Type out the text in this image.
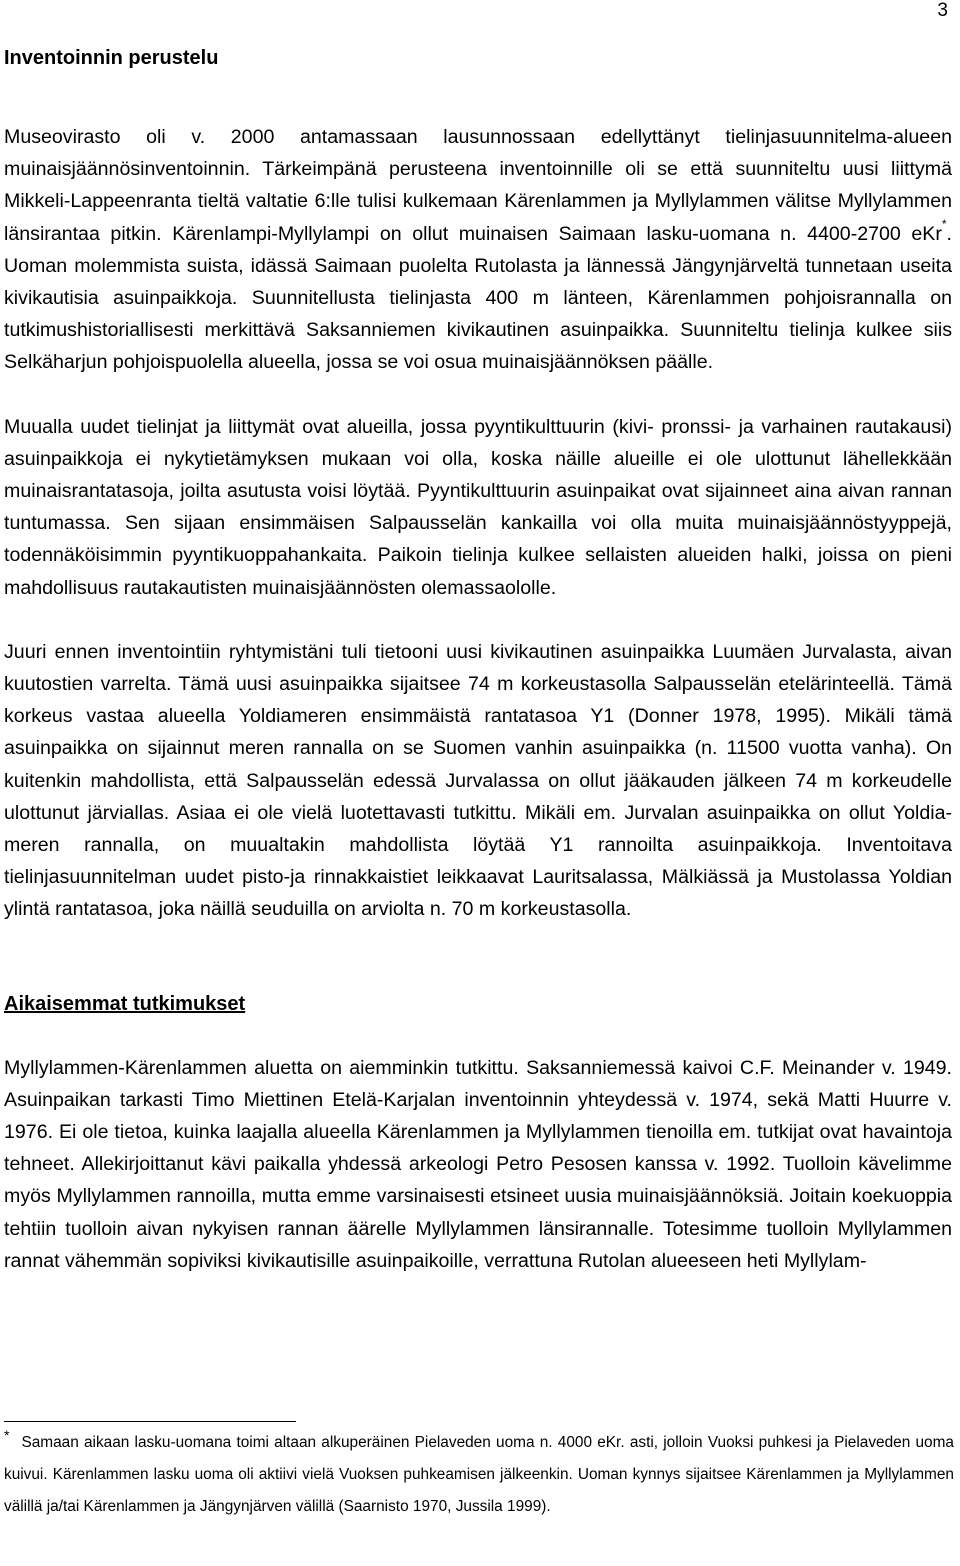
3
Inventoinnin perustelu

Museovirasto oli v. 2000 antamassaan lausunnossaan edellyttänyt tielinjasuunnitelma-alueen muinaisjäännösinventoinnin. Tärkeimpänä perusteena inventoinnille oli se että suunniteltu uusi liittymä Mikkeli-Lappeenranta tieltä valtatie 6:lle tulisi kulkemaan Kärenlammen ja Myllylammen välitse Myllylammen länsirantaa pitkin. Kärenlampi-Myllylampi on ollut muinaisen Saimaan lasku-uomana n. 4400-2700 eKr*. Uoman molemmista suista, idässä Saimaan puolelta Rutolasta ja lännessä Jängynjärveltä tunnetaan useita kivikautisia asuinpaikkoja. Suunnitellusta tielinjasta 400 m länteen, Kärenlammen pohjoisrannalla on tutkimushistoriallisesti merkittävä Saksanniemen kivikautinen asuinpaikka. Suunniteltu tielinja kulkee siis Selkäharjun pohjoispuolella alueella, jossa se voi osua muinaisjäännöksen päälle.

Muualla uudet tielinjat ja liittymät ovat alueilla, jossa pyyntikulttuurin (kivi- pronssi- ja varhainen rautakausi) asuinpaikkoja ei nykytietämyksen mukaan voi olla, koska näille alueille ei ole ulottunut lähellekkään muinaisrantatasoja, joilta asutusta voisi löytää. Pyyntikulttuurin asuinpaikat ovat sijainneet aina aivan rannan tuntumassa. Sen sijaan ensimmäisen Salpausselän kankailla voi olla muita muinaisjäännöstyyppejä, todennäköisimmin pyyntikuoppahankaita. Paikoin tielinja kulkee sellaisten alueiden halki, joissa on pieni mahdollisuus rautakautisten muinaisjäännösten olemassaololle.

Juuri ennen inventointiin ryhtymistäni tuli tietooni uusi kivikautinen asuinpaikka Luumäen Jurvalasta, aivan kuutostien varrelta. Tämä uusi asuinpaikka sijaitsee 74 m korkeustasolla Salpausselän etelärinteellä. Tämä korkeus vastaa alueella Yoldiameren ensimmäistä rantatasoa Y1 (Donner 1978, 1995). Mikäli tämä asuinpaikka on sijainnut meren rannalla on se Suomen vanhin asuinpaikka (n. 11500 vuotta vanha). On kuitenkin mahdollista, että Salpausselän edessä Jurvalassa on ollut jääkauden jälkeen 74 m korkeudelle ulottunut järviallas. Asiaa ei ole vielä luotettavasti tutkittu. Mikäli em. Jurvalan asuinpaikka on ollut Yoldia-meren rannalla, on muualtakin mahdollista löytää Y1 rannoilta asuinpaikkoja. Inventoitava tielinjasuunnitelman uudet pisto-ja rinnakkaistiet leikkaavat Lauritsalassa, Mälkiässä ja Mustolassa Yoldian ylintä rantatasoa, joka näillä seuduilla on arviolta n. 70 m korkeustasolla.

Aikaisemmat tutkimukset

Myllylammen-Kärenlammen aluetta on aiemminkin tutkittu. Saksanniemessä kaivoi C.F. Meinander v. 1949. Asuinpaikan tarkasti Timo Miettinen Etelä-Karjalan inventoinnin yhteydessä v. 1974, sekä Matti Huurre v. 1976. Ei ole tietoa, kuinka laajalla alueella Kärenlammen ja Myllylammen tienoilla em. tutkijat ovat havaintoja tehneet. Allekirjoittanut kävi paikalla yhdessä arkeologi Petro Pesosen kanssa v. 1992. Tuolloin kävelimme myös Myllylammen rannoilla, mutta emme varsinaisesti etsineet uusia muinaisjäännöksiä. Joitain koekuoppia tehtiin tuolloin aivan nykyisen rannan äärelle Myllylammen länsirannalle. Totesimme tuolloin Myllylammen rannat vähemmän sopiviksi kivikautisille asuinpaikoille, verrattuna Rutolan alueeseen heti Myllylam-

* Samaan aikaan lasku-uomana toimi altaan alkuperäinen Pielaveden uoma n. 4000 eKr. asti, jolloin Vuoksi puhkesi ja Pielaveden uoma kuivui. Kärenlammen lasku uoma oli aktiivi vielä Vuoksen puhkeamisen jälkeenkin. Uoman kynnys sijaitsee Kärenlammen ja Myllylammen välillä ja/tai Kärenlammen ja Jängynjärven välillä (Saarnisto 1970, Jussila 1999).
